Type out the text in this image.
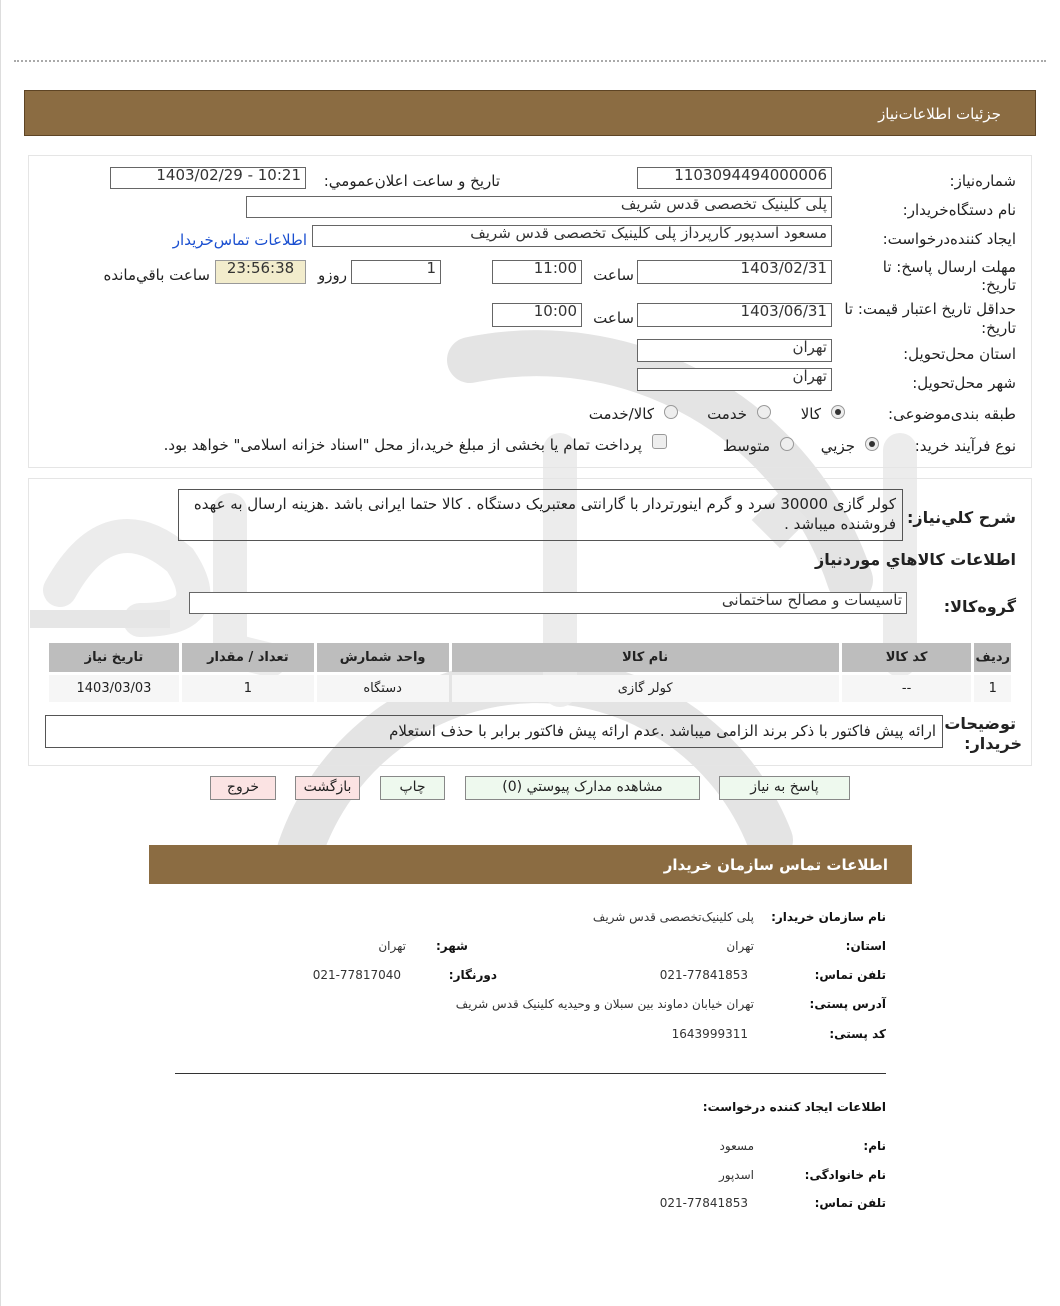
جزئیات اطلاعات‌نیاز
شماره‌نیاز:
1103094494000006
تاریخ و ساعت اعلان‌عمومي:
1403/02/29 - 10:21
نام دستگاه‌خريدار:
پلی کلینیک تخصصی قدس شریف
ايجاد کننده‌درخواست:
مسعود اسدپور کارپرداز پلی کلینیک تخصصی قدس شریف
اطلاعات تماس‌خريدار
مهلت ارسال پاسخ: تا
تاريخ:
1403/02/31
ساعت
11:00
1
روزو
23:56:38
ساعت باقي‌مانده
حداقل تاريخ اعتبار قيمت: تا
تاريخ:
1403/06/31
ساعت
10:00
استان محل‌تحويل:
تهران
شهر محل‌تحويل:
تهران
طبقه بندی‌موضوعی:
کالا
خدمت
کالا/خدمت
نوع فرآيند خريد:
جزيي
متوسط
پرداخت تمام يا بخشی از مبلغ خريد،از محل "اسناد خزانه اسلامی" خواهد بود.
شرح کلي‌نياز:
کولر گازی 30000 سرد و گرم اینورتردار با گارانتی معتبریک دستگاه . کالا حتما ایرانی باشد .هزینه ارسال به عهده فروشنده میباشد .
اطلاعات کالاهاي موردنياز
گروه‌کالا:
تاسیسات و مصالح ساختمانی
رديف	کد کالا	نام کالا	واحد شمارش	تعداد / مقدار	تاريخ نياز
1	--	کولر گازی	دستگاه	1	1403/03/03
توضيحات
خريدار:
ارائه پیش فاکتور با ذکر برند الزامی میباشد .عدم ارائه پیش فاکتور برابر با حذف استعلام
پاسخ به نياز
مشاهده مدارک پيوستي (0)
چاپ
بازگشت
خروج
اطلاعات تماس سازمان خریدار
نام سازمان خریدار:
پلی کلینیک‌تخصصی قدس شریف
استان:
تهران
شهر:
تهران
تلفن تماس:
021-77841853
دورنگار:
021-77817040
آدرس پستی:
تهران خیابان دماوند بین سبلان و وحیدیه کلینیک قدس شریف
کد پستی:
1643999311
اطلاعات ایجاد کننده درخواست:
نام:
مسعود
نام خانوادگی:
اسدپور
تلفن تماس:
021-77841853
